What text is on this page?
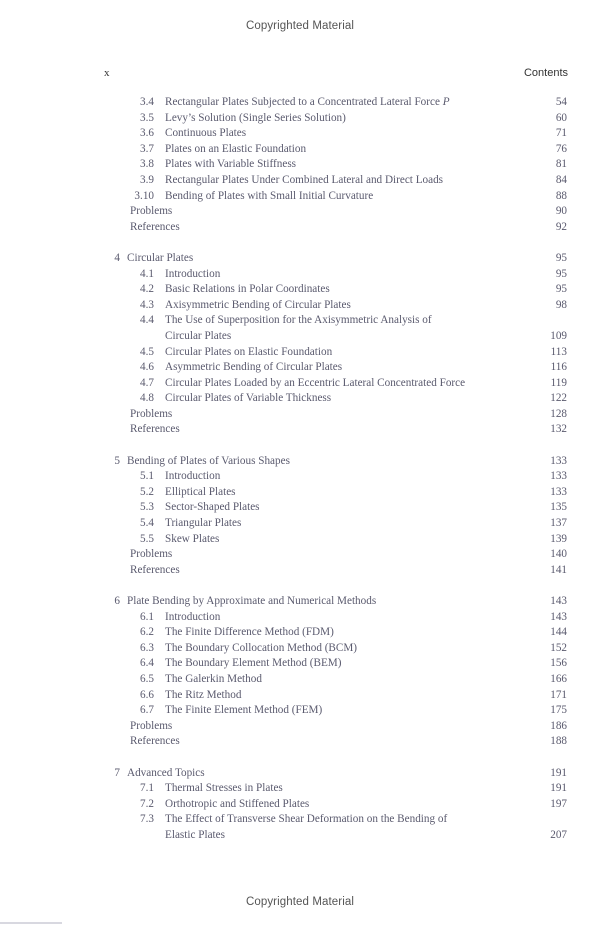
Copyrighted Material
x	Contents
3.4 Rectangular Plates Subjected to a Concentrated Lateral Force P	54
3.5 Levy’s Solution (Single Series Solution)	60
3.6 Continuous Plates	71
3.7 Plates on an Elastic Foundation	76
3.8 Plates with Variable Stiffness	81
3.9 Rectangular Plates Under Combined Lateral and Direct Loads	84
3.10 Bending of Plates with Small Initial Curvature	88
Problems	90
References	92
4 Circular Plates	95
4.1 Introduction	95
4.2 Basic Relations in Polar Coordinates	95
4.3 Axisymmetric Bending of Circular Plates	98
4.4 The Use of Superposition for the Axisymmetric Analysis of
Circular Plates	109
4.5 Circular Plates on Elastic Foundation	113
4.6 Asymmetric Bending of Circular Plates	116
4.7 Circular Plates Loaded by an Eccentric Lateral Concentrated Force	119
4.8 Circular Plates of Variable Thickness	122
Problems	128
References	132
5 Bending of Plates of Various Shapes	133
5.1 Introduction	133
5.2 Elliptical Plates	133
5.3 Sector-Shaped Plates	135
5.4 Triangular Plates	137
5.5 Skew Plates	139
Problems	140
References	141
6 Plate Bending by Approximate and Numerical Methods	143
6.1 Introduction	143
6.2 The Finite Difference Method (FDM)	144
6.3 The Boundary Collocation Method (BCM)	152
6.4 The Boundary Element Method (BEM)	156
6.5 The Galerkin Method	166
6.6 The Ritz Method	171
6.7 The Finite Element Method (FEM)	175
Problems	186
References	188
7 Advanced Topics	191
7.1 Thermal Stresses in Plates	191
7.2 Orthotropic and Stiffened Plates	197
7.3 The Effect of Transverse Shear Deformation on the Bending of
Elastic Plates	207
Copyrighted Material
